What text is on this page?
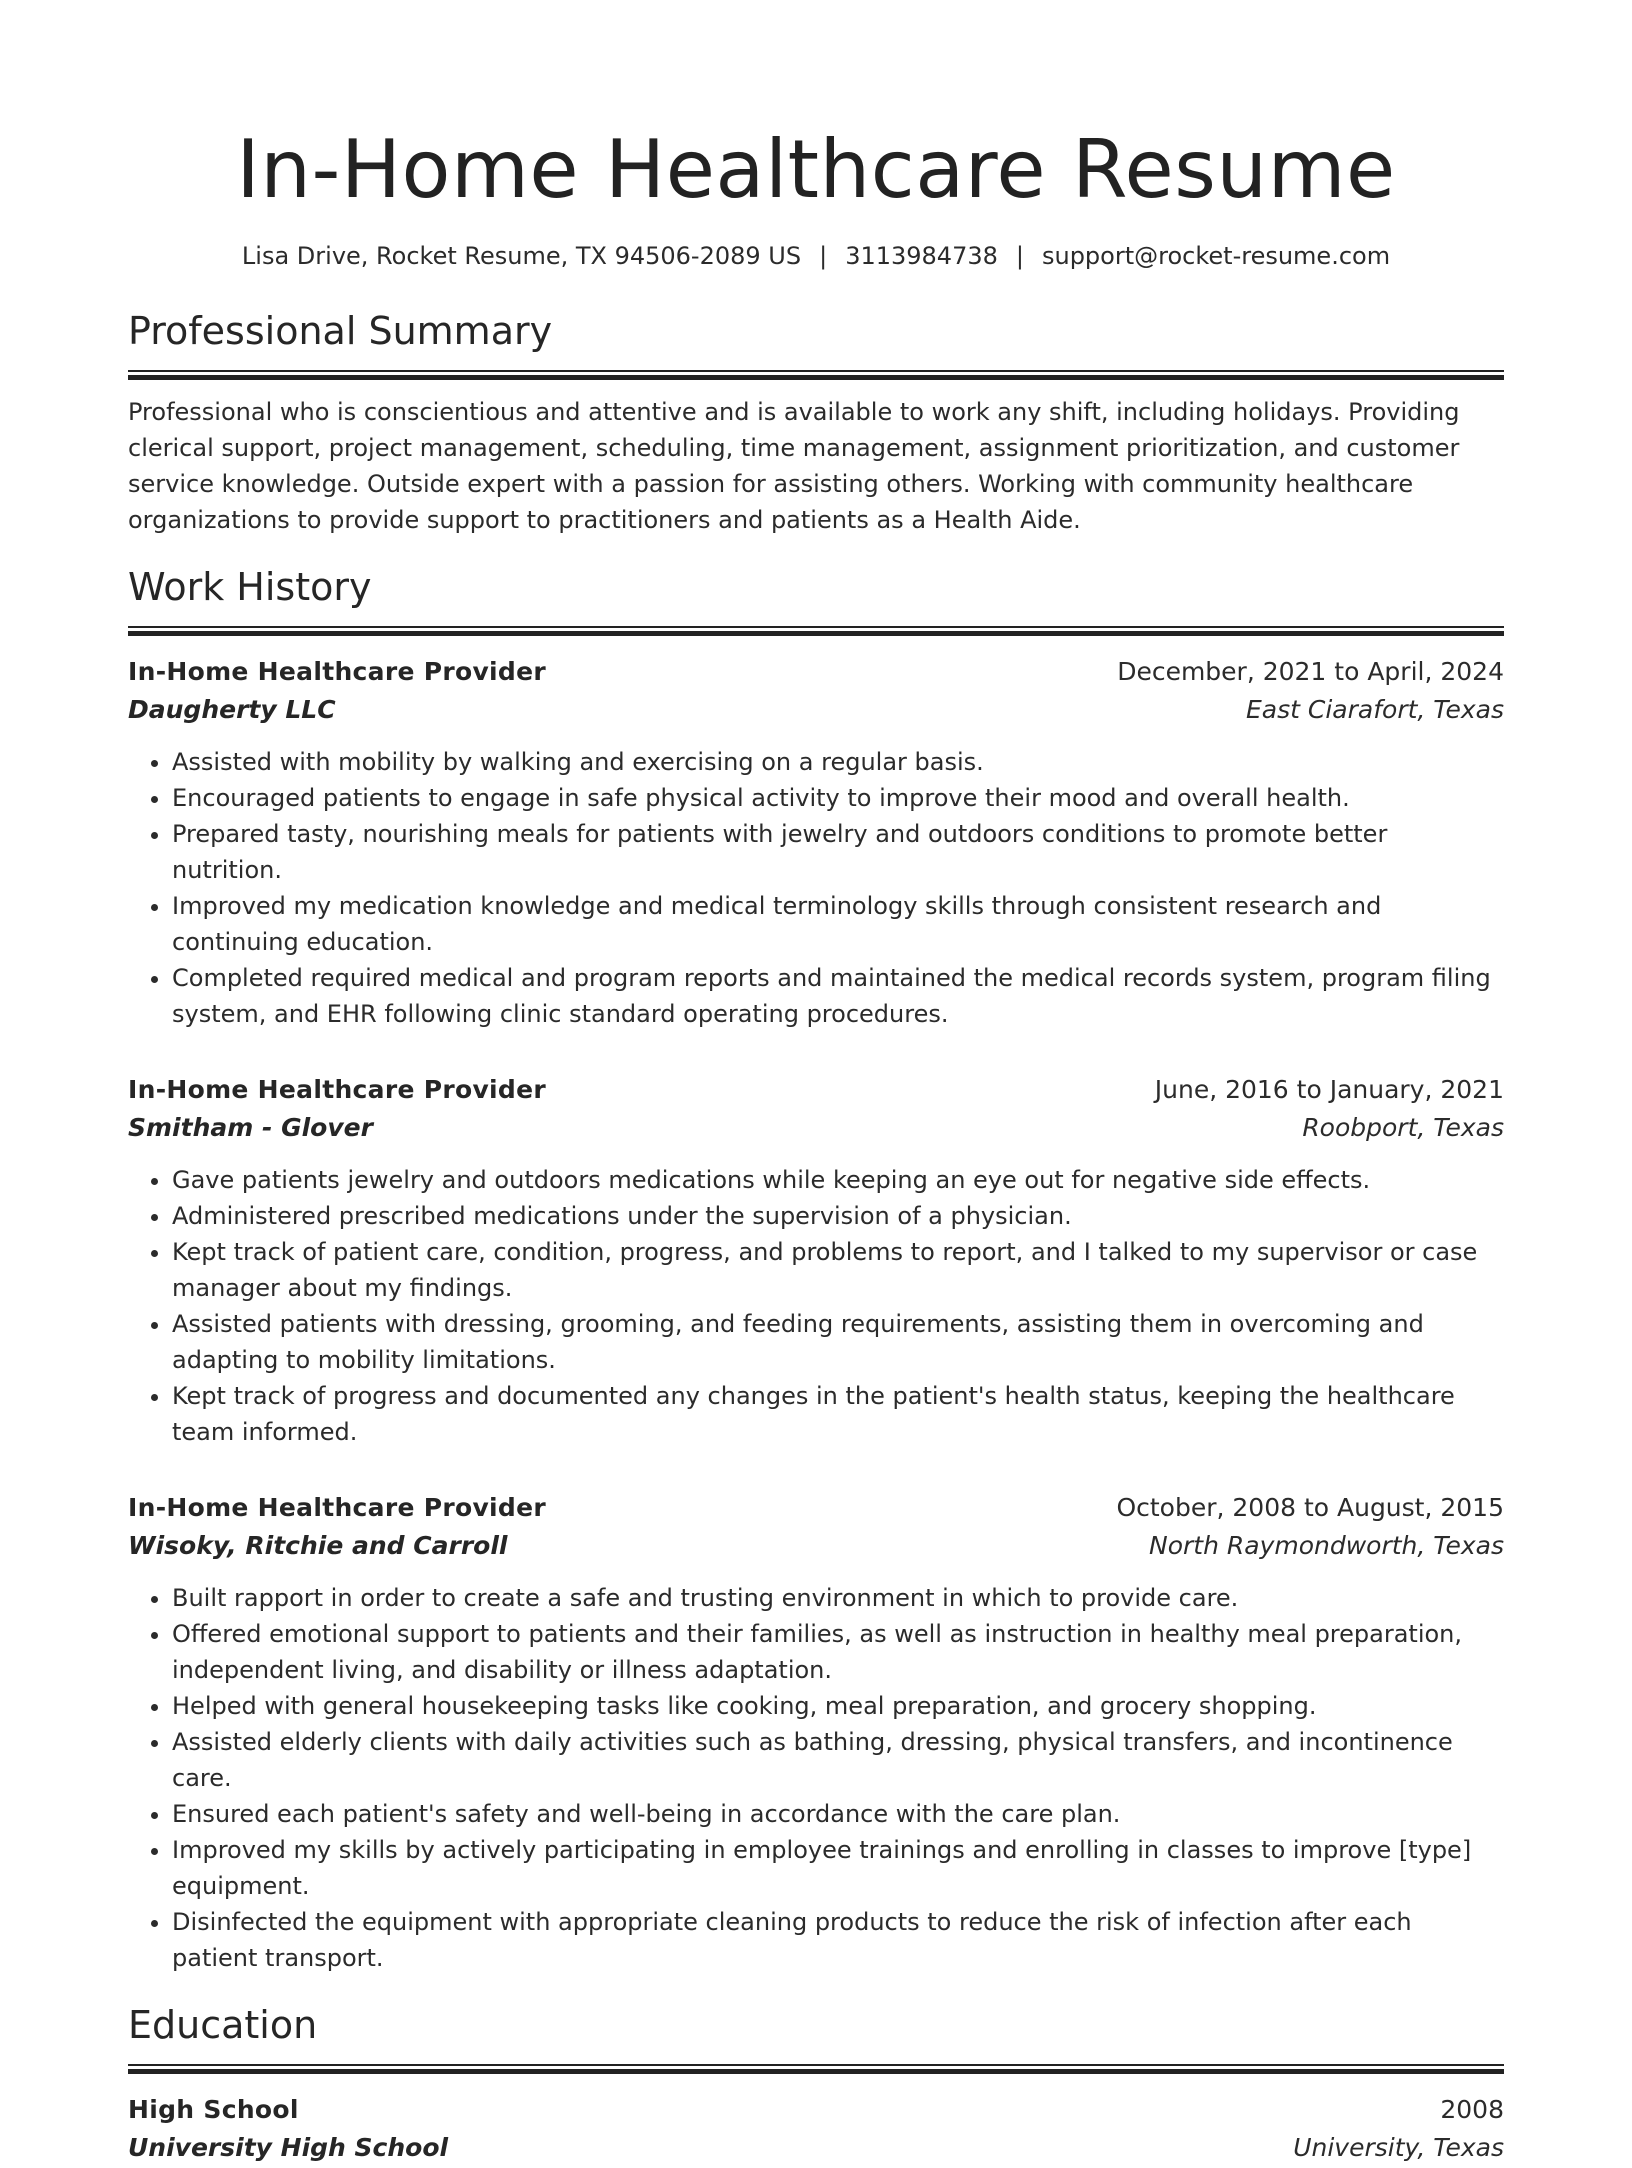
In-Home Healthcare Resume
Lisa Drive, Rocket Resume, TX 94506-2089 US | 3113984738 | support@rocket-resume.com
Professional Summary

Professional who is conscientious and attentive and is available to work any shift, including holidays. Providing clerical support, project management, scheduling, time management, assignment prioritization, and customer service knowledge. Outside expert with a passion for assisting others. Working with community healthcare organizations to provide support to practitioners and patients as a Health Aide.

Work History
In-Home Healthcare Provider	December, 2021 to April, 2024
Daugherty LLC	East Ciarafort, Texas
• Assisted with mobility by walking and exercising on a regular basis.
• Encouraged patients to engage in safe physical activity to improve their mood and overall health.
• Prepared tasty, nourishing meals for patients with jewelry and outdoors conditions to promote better nutrition.
• Improved my medication knowledge and medical terminology skills through consistent research and continuing education.
• Completed required medical and program reports and maintained the medical records system, program filing system, and EHR following clinic standard operating procedures.
In-Home Healthcare Provider	June, 2016 to January, 2021
Smitham - Glover	Roobport, Texas
• Gave patients jewelry and outdoors medications while keeping an eye out for negative side effects.
• Administered prescribed medications under the supervision of a physician.
• Kept track of patient care, condition, progress, and problems to report, and I talked to my supervisor or case manager about my findings.
• Assisted patients with dressing, grooming, and feeding requirements, assisting them in overcoming and adapting to mobility limitations.
• Kept track of progress and documented any changes in the patient's health status, keeping the healthcare team informed.
In-Home Healthcare Provider	October, 2008 to August, 2015
Wisoky, Ritchie and Carroll	North Raymondworth, Texas
• Built rapport in order to create a safe and trusting environment in which to provide care.
• Offered emotional support to patients and their families, as well as instruction in healthy meal preparation, independent living, and disability or illness adaptation.
• Helped with general housekeeping tasks like cooking, meal preparation, and grocery shopping.
• Assisted elderly clients with daily activities such as bathing, dressing, physical transfers, and incontinence care.
• Ensured each patient's safety and well-being in accordance with the care plan.
• Improved my skills by actively participating in employee trainings and enrolling in classes to improve [type] equipment.
• Disinfected the equipment with appropriate cleaning products to reduce the risk of infection after each patient transport.
Education
High School	2008
University High School	University, Texas
